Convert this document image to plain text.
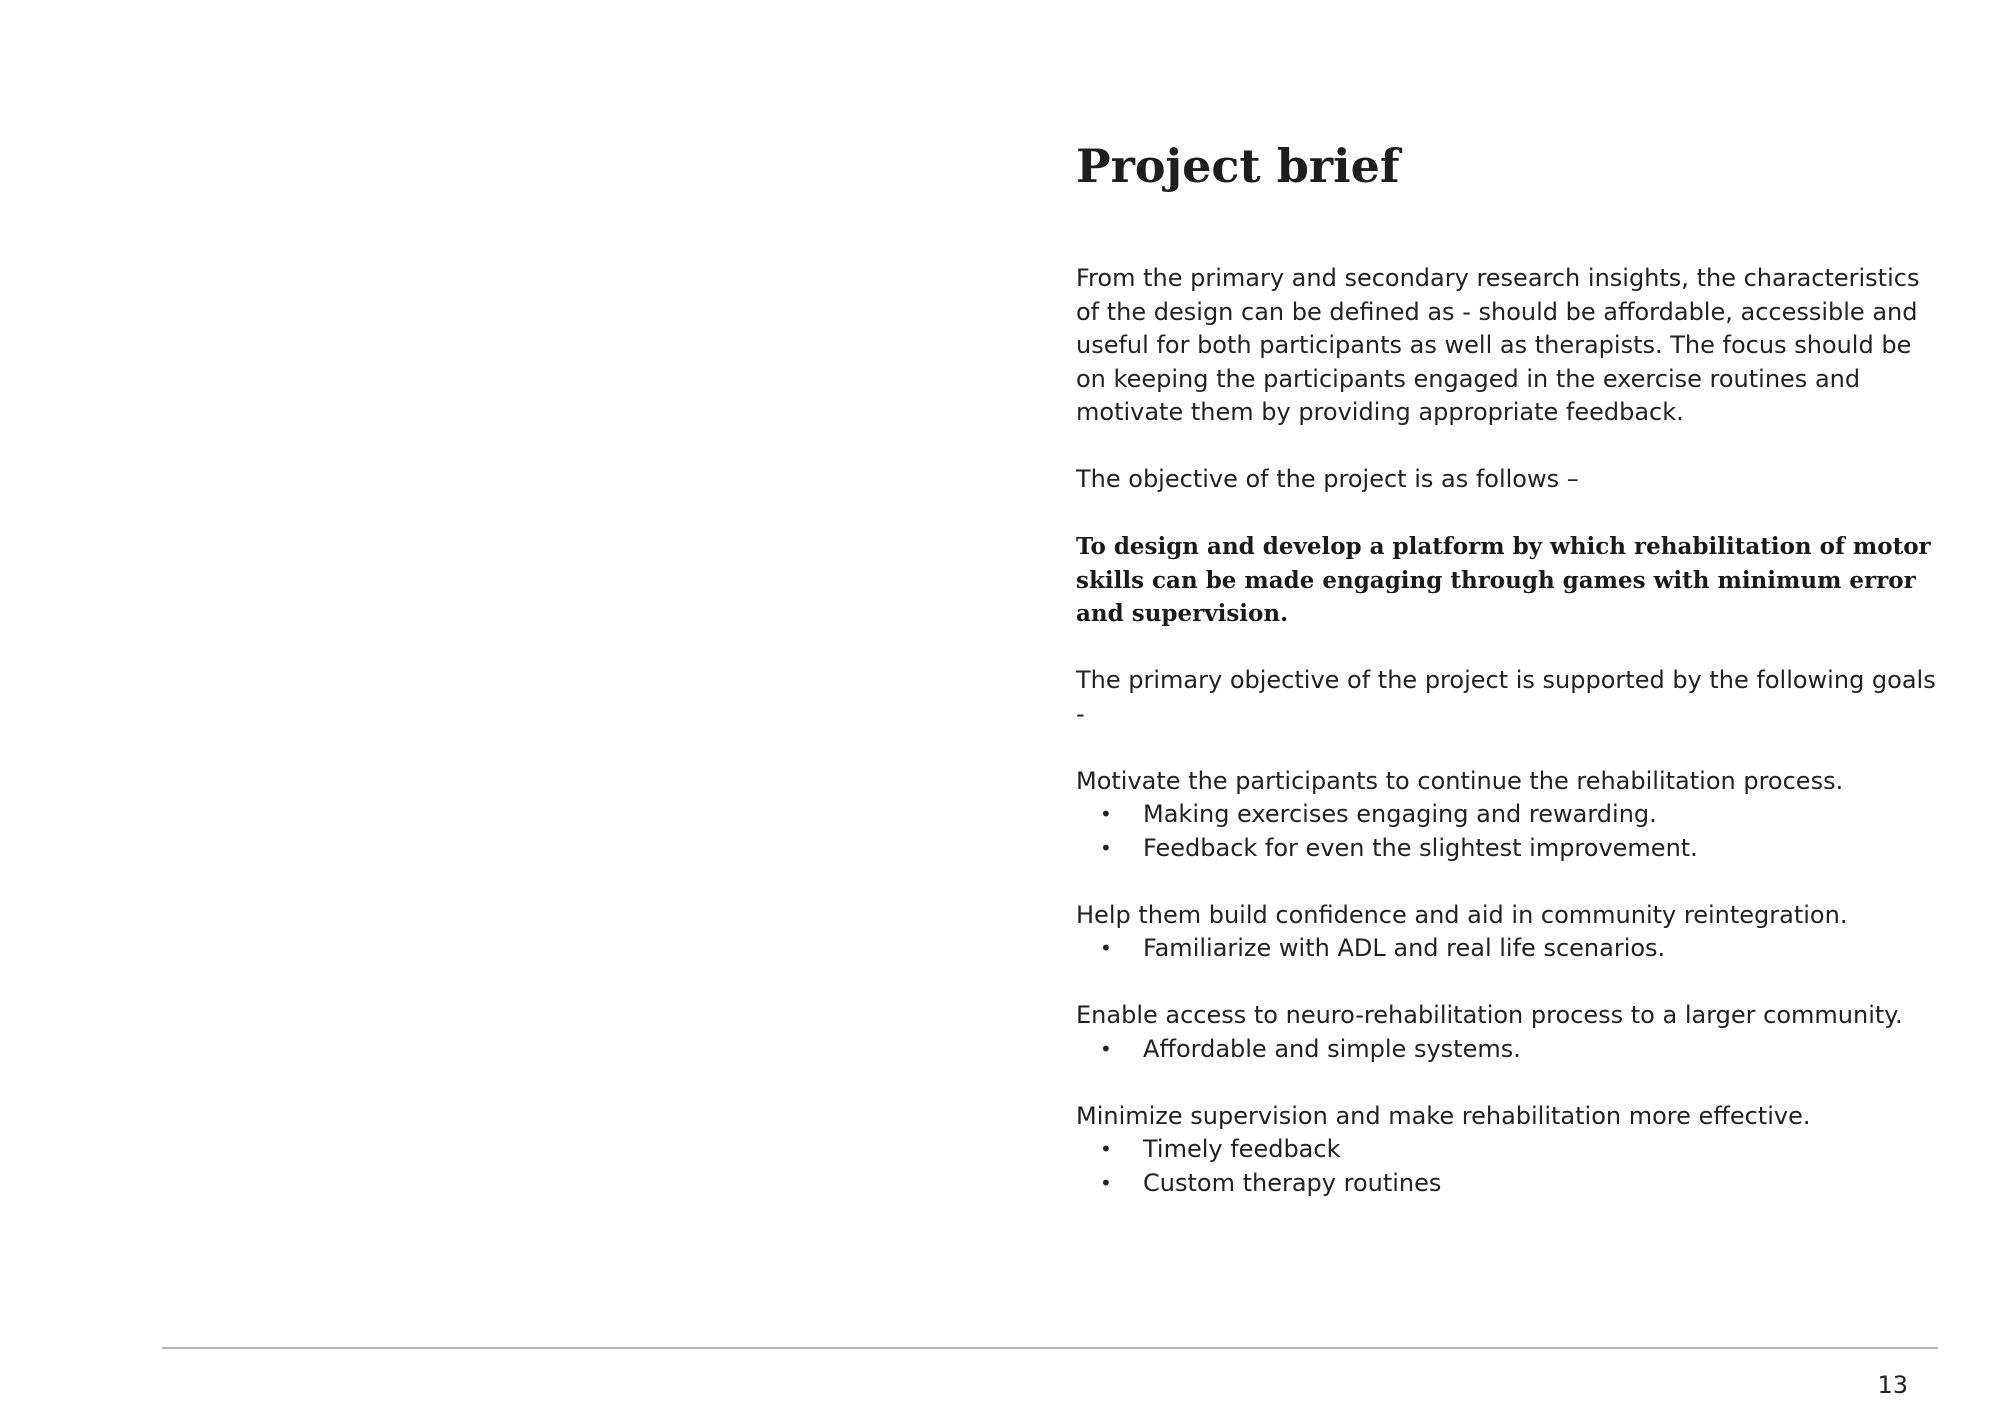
Project brief

From the primary and secondary research insights, the characteristics of the design can be defined as - should be affordable, accessible and useful for both participants as well as therapists. The focus should be on keeping the participants engaged in the exercise routines and motivate them by providing appropriate feedback.

The objective of the project is as follows –

To design and develop a platform by which rehabilitation of motor skills can be made engaging through games with minimum error and supervision.

The primary objective of the project is supported by the following goals -

Motivate the participants to continue the rehabilitation process.

• Making exercises engaging and rewarding.
• Feedback for even the slightest improvement.

Help them build confidence and aid in community reintegration.

• Familiarize with ADL and real life scenarios.

Enable access to neuro-rehabilitation process to a larger community.

• Affordable and simple systems.

Minimize supervision and make rehabilitation more effective.

• Timely feedback
• Custom therapy routines
13
